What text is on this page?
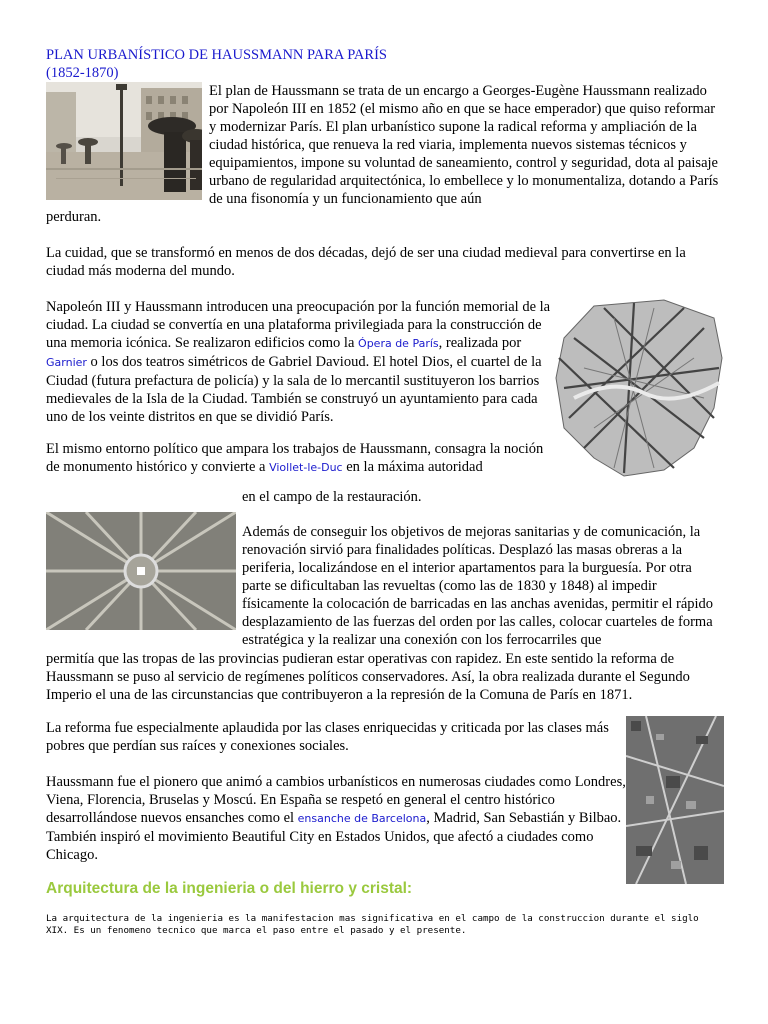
PLAN URBANÍSTICO DE HAUSSMANN PARA PARÍS
(1852-1870)

El plan de Haussmann se trata de un encargo a Georges-Eugène Haussmann realizado por Napoleón III en 1852 (el mismo año en que se hace emperador) que quiso reformar y modernizar París. El plan urbanístico supone la radical reforma y ampliación de la ciudad histórica, que renueva la red viaria, implementa nuevos sistemas técnicos y equipamientos, impone su voluntad de saneamiento, control y seguridad, dota al paisaje urbano de regularidad arquitectónica, lo embellece y lo monumentaliza, dotando a París de una fisonomía y un funcionamiento que aún

perduran.

La cuidad, que se transformó en menos de dos décadas, dejó de ser una ciudad medieval para convertirse en la ciudad más moderna del mundo.

Napoleón III y Haussmann introducen una preocupación por la función memorial de la ciudad. La ciudad se convertía en una plataforma privilegiada para la construcción de una memoria icónica. Se realizaron edificios como la Ópera de París, realizada por Garnier o los dos teatros simétricos de Gabriel Davioud. El hotel Dios, el cuartel de la Ciudad (futura prefactura de policía) y la sala de lo mercantil sustituyeron los barrios medievales de la Isla de la Ciudad. También se construyó un ayuntamiento para cada uno de los veinte distritos en que se dividió París.

El mismo entorno político que ampara los trabajos de Haussmann, consagra la noción de monumento histórico y convierte a Viollet-le-Duc en la máxima autoridad

en el campo de la restauración.

Además de conseguir los objetivos de mejoras sanitarias y de comunicación, la renovación sirvió para finalidades políticas. Desplazó las masas obreras a la periferia, localizándose en el interior apartamentos para la burguesía. Por otra parte se dificultaban las revueltas (como las de 1830 y 1848) al impedir físicamente la colocación de barricadas en las anchas avenidas, permitir el rápido desplazamiento de las fuerzas del orden por las calles, colocar cuarteles de forma estratégica y la realizar una conexión con los ferrocarriles que

permitía que las tropas de las provincias pudieran estar operativas con rapidez. En este sentido la reforma de Haussmann se puso al servicio de regímenes políticos conservadores. Así, la obra realizada durante el Segundo Imperio el una de las circunstancias que contribuyeron a la represión de la Comuna de París en 1871.

La reforma fue especialmente aplaudida por las clases enriquecidas y criticada por las clases más pobres que perdían sus raíces y conexiones sociales.

Haussmann fue el pionero que animó a cambios urbanísticos en numerosas ciudades como Londres, Viena, Florencia, Bruselas y Moscú. En España se respetó en general el centro histórico desarrollándose nuevos ensanches como el ensanche de Barcelona, Madrid, San Sebastián y Bilbao. También inspiró el movimiento Beautiful City en Estados Unidos, que afectó a ciudades como Chicago.

Arquitectura de la ingenieria o del hierro y cristal:
La arquitectura de la ingenieria es la manifestacion mas significativa en el campo de la construccion durante el siglo XIX. Es un fenomeno tecnico que marca el paso entre el pasado y el presente.
